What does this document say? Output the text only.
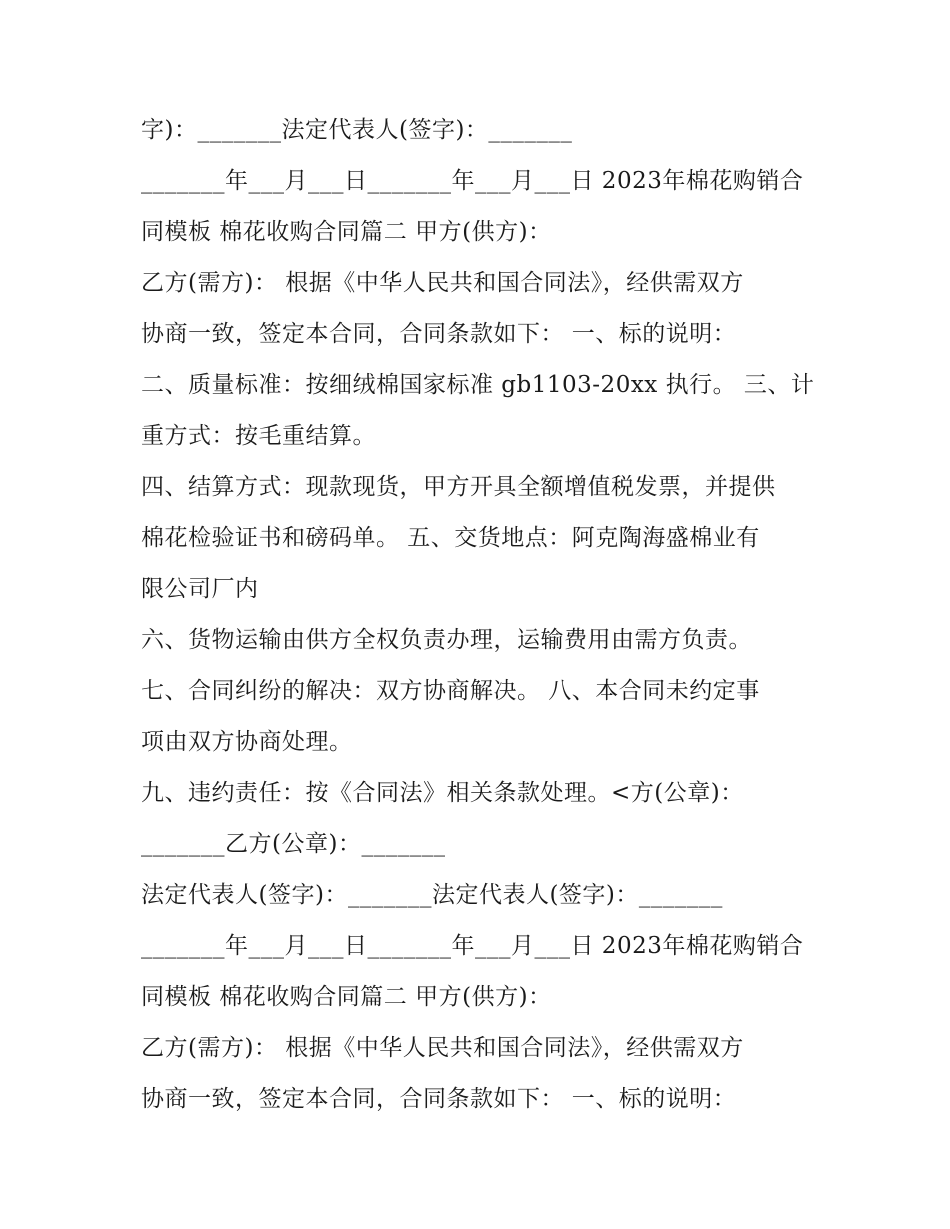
字)：_______法定代表人(签字)：_______
_______年___月___日_______年___月___日 2023年棉花购销合
同模板 棉花收购合同篇二 甲方(供方)：
乙方(需方)： 根据《中华人民共和国合同法》，经供需双方
协商一致，签定本合同，合同条款如下： 一、标的说明：
二、质量标准：按细绒棉国家标准 gb1103-20xx 执行。 三、计
重方式：按毛重结算。
四、结算方式：现款现货，甲方开具全额增值税发票，并提供
棉花检验证书和磅码单。 五、交货地点：阿克陶海盛棉业有
限公司厂内
六、货物运输由供方全权负责办理，运输费用由需方负责。
七、合同纠纷的解决：双方协商解决。 八、本合同未约定事
项由双方协商处理。
九、违约责任：按《合同法》相关条款处理。<方(公章)：
_______乙方(公章)：_______
法定代表人(签字)：_______法定代表人(签字)：_______
_______年___月___日_______年___月___日 2023年棉花购销合
同模板 棉花收购合同篇二 甲方(供方)：
乙方(需方)： 根据《中华人民共和国合同法》，经供需双方
协商一致，签定本合同，合同条款如下： 一、标的说明：
